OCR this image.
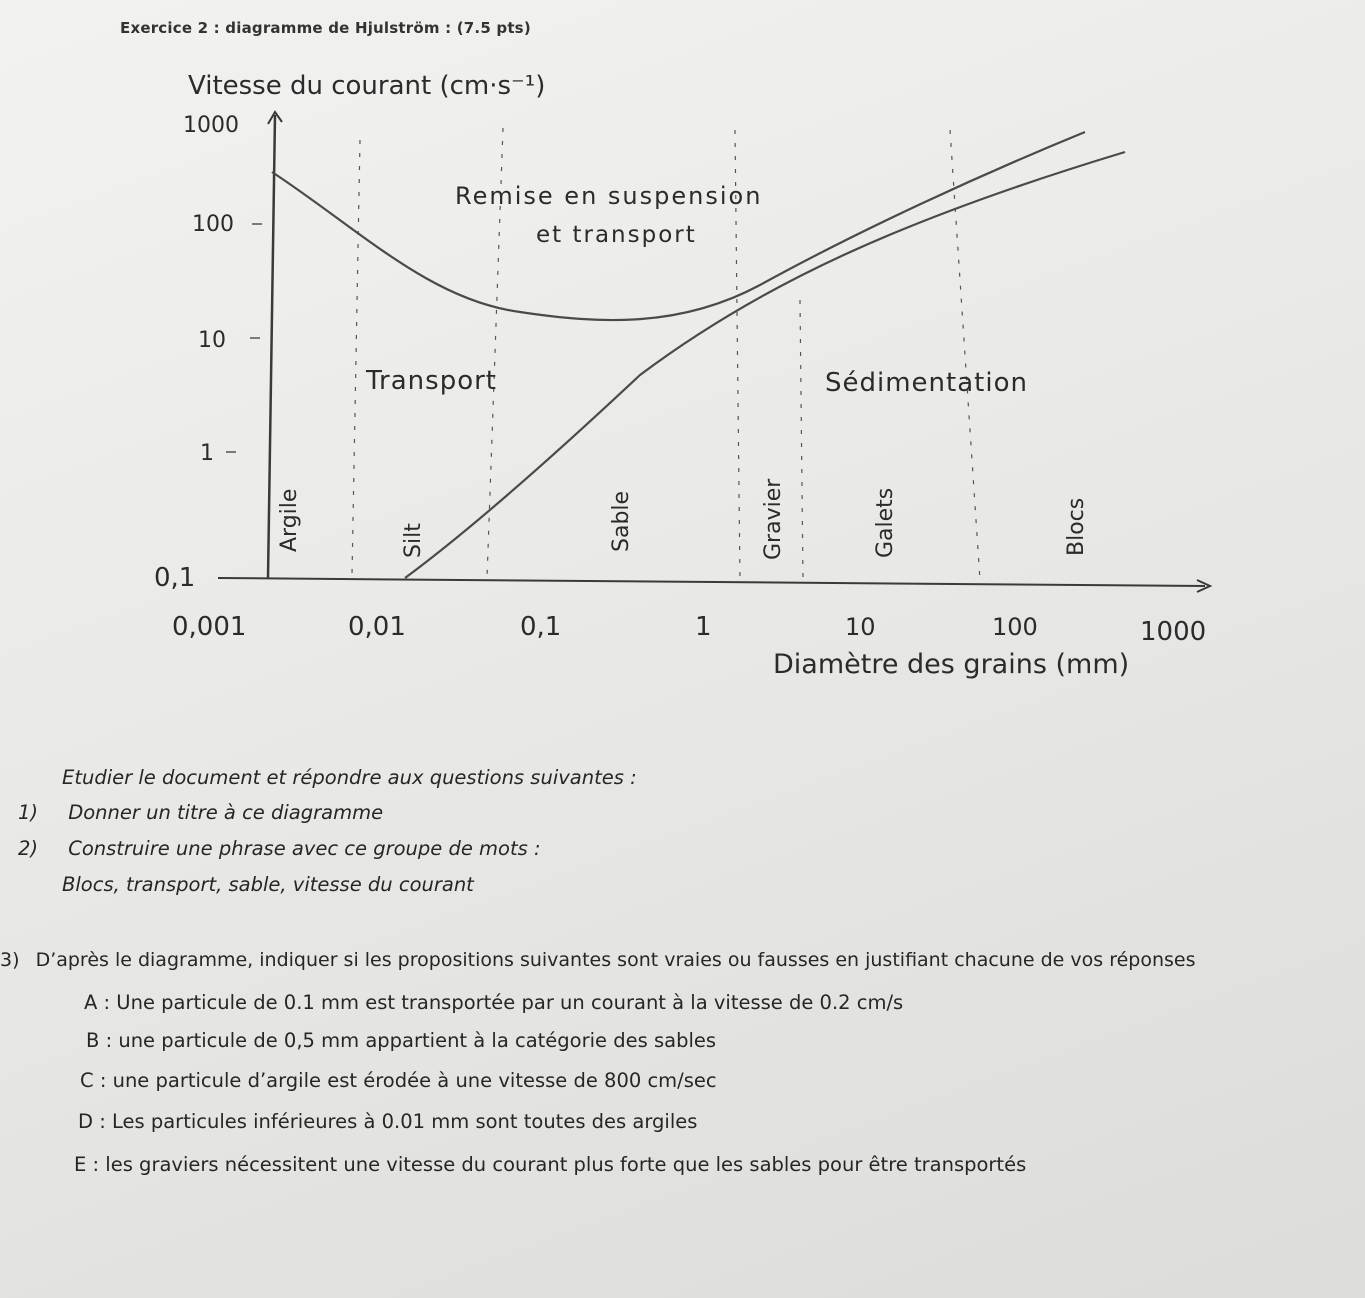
Exercice 2 : diagramme de Hjulström : (7.5 pts)
Vitesse du courant (cm·s⁻¹)
Diamètre des grains (mm)
1000
100
10
1
0,1
0,001	0,01	0,1	1	10	100	1000
Remise en suspension
et transport
Transport	Sédimentation
Argile	Silt	Sable	Gravier	Galets	Blocs
Etudier le document et répondre aux questions suivantes :
1) Donner un titre à ce diagramme
2) Construire une phrase avec ce groupe de mots :
Blocs, transport, sable, vitesse du courant
3) D’après le diagramme, indiquer si les propositions suivantes sont vraies ou fausses en justifiant chacune de vos réponses
A : Une particule de 0.1 mm est transportée par un courant à la vitesse de 0.2 cm/s
B : une particule de 0,5 mm appartient à la catégorie des sables
C : une particule d’argile est érodée à une vitesse de 800 cm/sec
D : Les particules inférieures à 0.01 mm sont toutes des argiles
E : les graviers nécessitent une vitesse du courant plus forte que les sables pour être transportés
